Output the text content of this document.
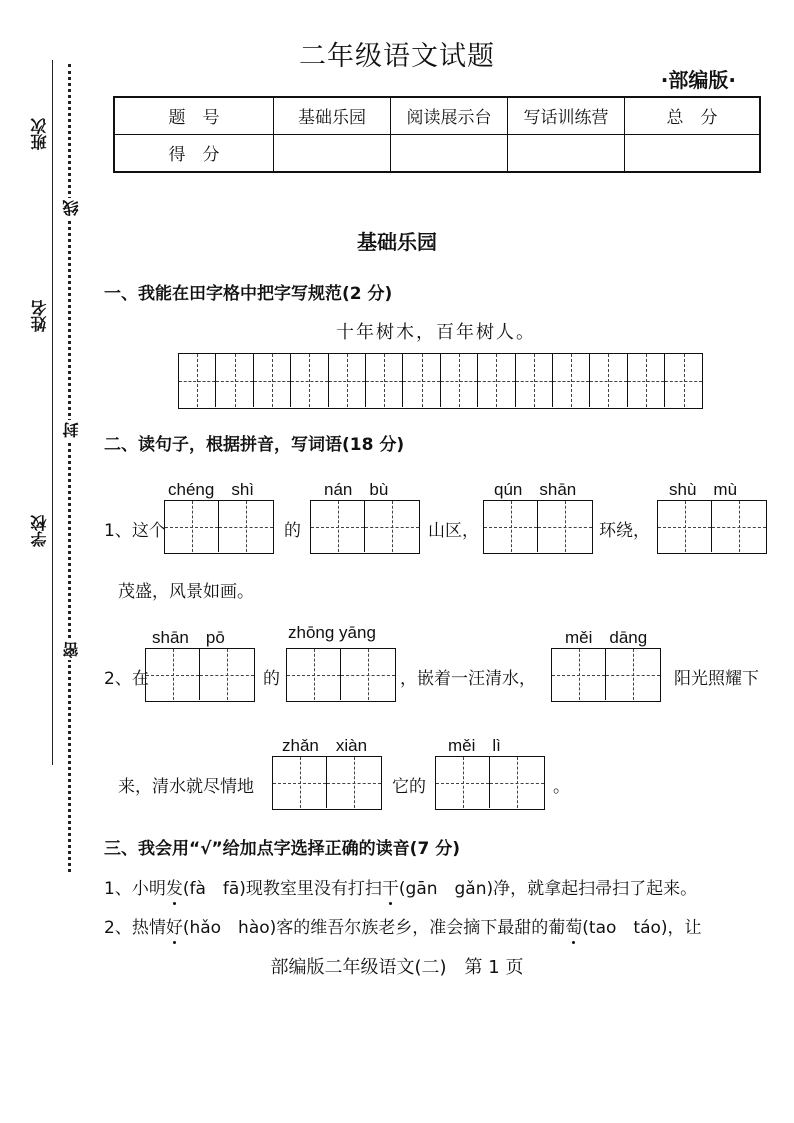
班次
姓名
学校
线
封
密
二年级语文试题
·部编版·
题　号	基础乐园	阅读展示台	写话训练营	总　分
得　分				
基础乐园
一、我能在田字格中把字写规范(2 分)
十年树木，百年树人。
二、读句子，根据拼音，写词语(18 分)
chéng　shì	nán　bù	qún　shān	shù　mù
1、这个	的	山区，	环绕，
茂盛，风景如画。
shān　pō	zhōng yāng	měi　dāng
2、在	的	，嵌着一汪清水，	阳光照耀下
zhǎn　xiàn	měi　lì
来，清水就尽情地	它的	。
三、我会用“√”给加点字选择正确的读音(7 分)
1、小明发(fà　fā)现教室里没有打扫干(gān　gǎn)净，就拿起扫帚扫了起来。
2、热情好(hǎo　hào)客的维吾尔族老乡，准会摘下最甜的葡萄(tao　táo)，让
部编版二年级语文(二)　第 1 页
